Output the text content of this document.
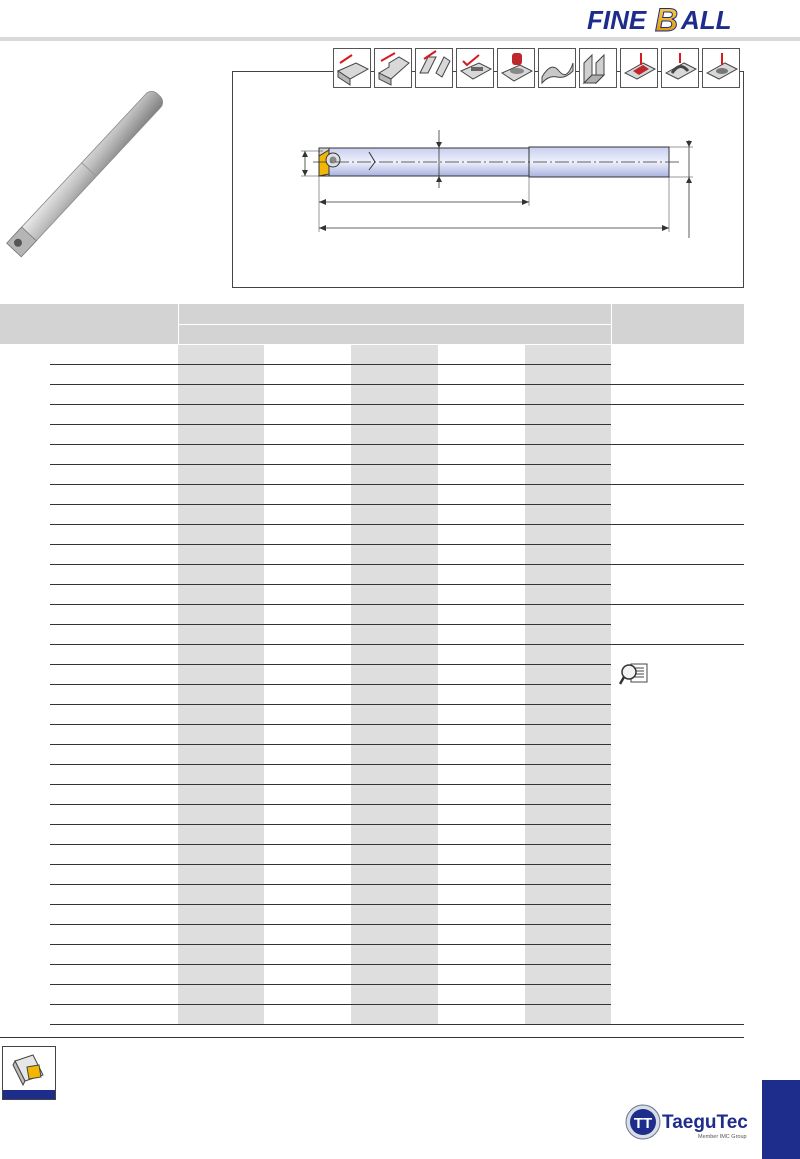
FINE B ALL

TT TaeguTec
Member IMC Group
